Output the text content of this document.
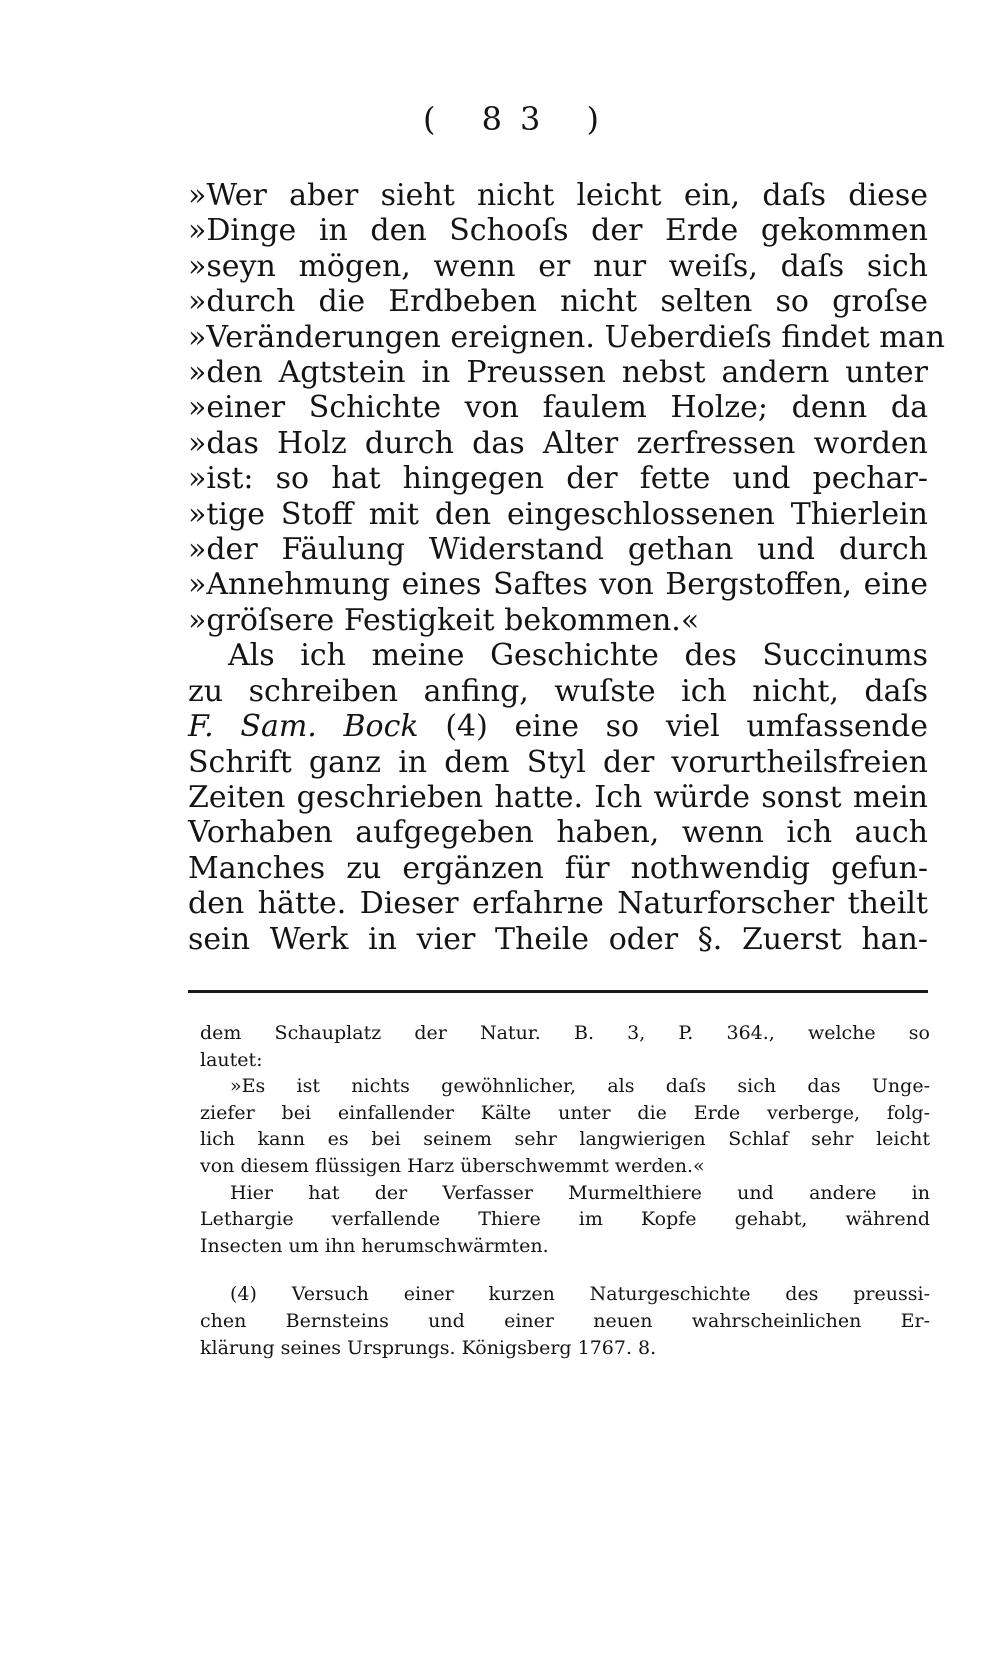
( 83 )
»Wer aber sieht nicht leicht ein, daſs diese
»Dinge in den Schooſs der Erde gekommen
»seyn mögen, wenn er nur weiſs, daſs sich
»durch die Erdbeben nicht selten so groſse
»Veränderungen ereignen. Ueberdieſs findet man
»den Agtstein in Preussen nebst andern unter
»einer Schichte von faulem Holze; denn da
»das Holz durch das Alter zerfressen worden
»ist: so hat hingegen der fette und pechar-
»tige Stoff mit den eingeschlossenen Thierlein
»der Fäulung Widerstand gethan und durch
»Annehmung eines Saftes von Bergstoffen, eine
»gröſsere Festigkeit bekommen.«
Als ich meine Geschichte des Succinums
zu schreiben anfing, wuſste ich nicht, daſs
F. Sam. Bock (4) eine so viel umfassende
Schrift ganz in dem Styl der vorurtheilsfreien
Zeiten geschrieben hatte. Ich würde sonst mein
Vorhaben aufgegeben haben, wenn ich auch
Manches zu ergänzen für nothwendig gefun-
den hätte. Dieser erfahrne Naturforscher theilt
sein Werk in vier Theile oder §. Zuerst han-
dem Schauplatz der Natur. B. 3, P. 364., welche so
lautet:
»Es ist nichts gewöhnlicher, als daſs sich das Unge-
ziefer bei einfallender Kälte unter die Erde verberge, folg-
lich kann es bei seinem sehr langwierigen Schlaf sehr leicht
von diesem flüssigen Harz überschwemmt werden.«
Hier hat der Verfasser Murmelthiere und andere in
Lethargie verfallende Thiere im Kopfe gehabt, während
Insecten um ihn herumschwärmten.
(4) Versuch einer kurzen Naturgeschichte des preussi-
chen Bernsteins und einer neuen wahrscheinlichen Er-
klärung seines Ursprungs. Königsberg 1767. 8.
